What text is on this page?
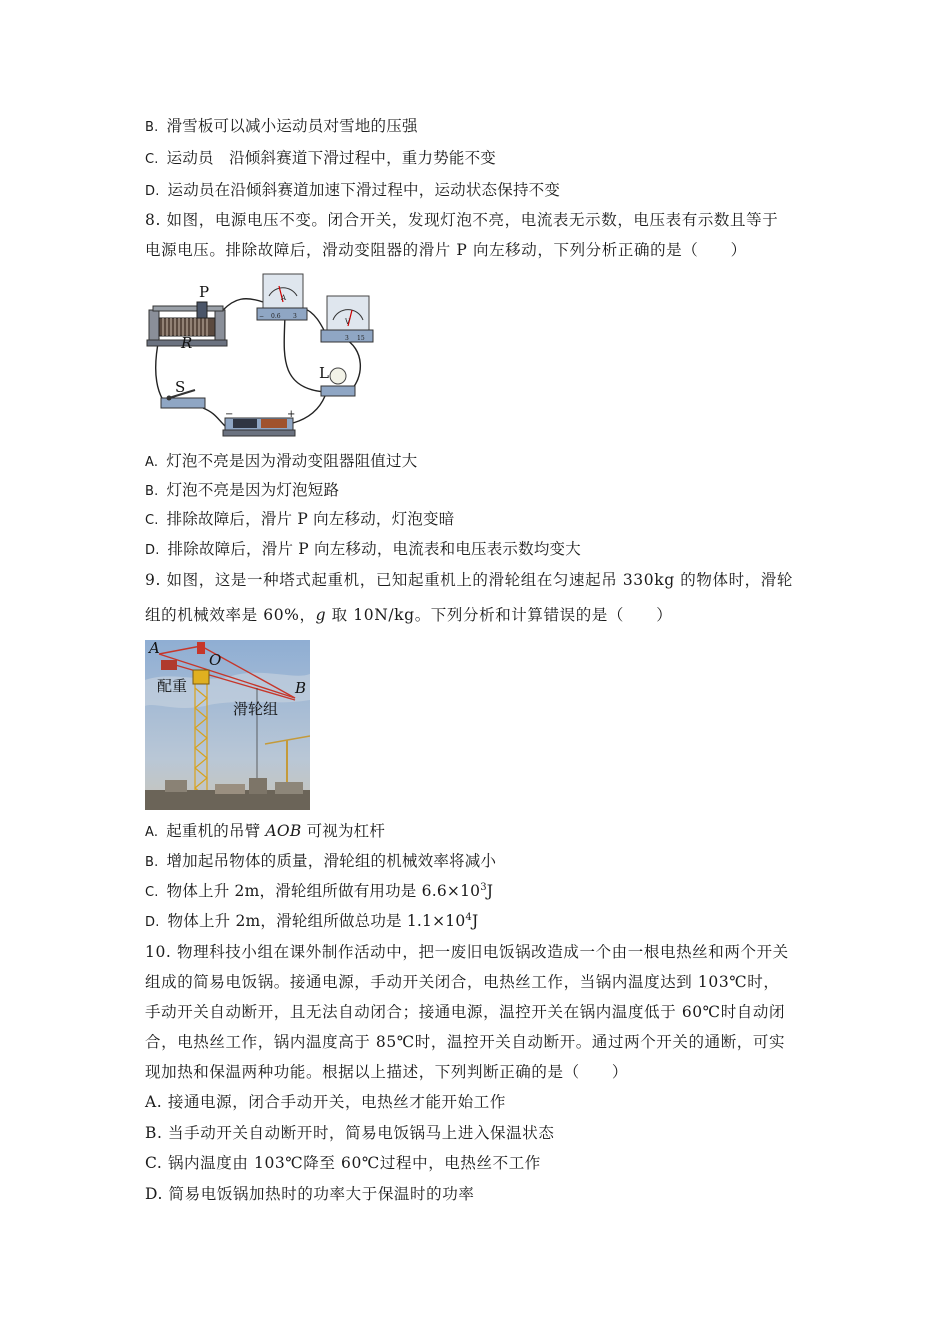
B. 滑雪板可以减小运动员对雪地的压强
C. 运动员   沿倾斜赛道下滑过程中，重力势能不变
D. 运动员在沿倾斜赛道加速下滑过程中，运动状态保持不变
8. 如图，电源电压不变。闭合开关，发现灯泡不亮，电流表无示数，电压表有示数且等于
电源电压。排除故障后，滑动变阻器的滑片 P 向左移动，下列分析正确的是（　　）
A
− 0.6 3
V
3 15
P
R
S
L
−	+
A. 灯泡不亮是因为滑动变阻器阻值过大
B. 灯泡不亮是因为灯泡短路
C. 排除故障后，滑片 P 向左移动，灯泡变暗
D. 排除故障后，滑片 P 向左移动，电流表和电压表示数均变大
9. 如图，这是一种塔式起重机，已知起重机上的滑轮组在匀速起吊 330kg 的物体时，滑轮
组的机械效率是 60%，g 取 10N/kg。下列分析和计算错误的是（　　）
A
O
B
配重
滑轮组
A. 起重机的吊臂 AOB 可视为杠杆
B. 增加起吊物体的质量，滑轮组的机械效率将减小
C. 物体上升 2m，滑轮组所做有用功是 $6.6\times 10^3J$
D. 物体上升 2m，滑轮组所做总功是 $1.1\times 10^4J$
10. 物理科技小组在课外制作活动中，把一废旧电饭锅改造成一个由一根电热丝和两个开关
组成的简易电饭锅。接通电源，手动开关闭合，电热丝工作，当锅内温度达到 103℃时，
手动开关自动断开，且无法自动闭合；接通电源，温控开关在锅内温度低于 60℃时自动闭
合，电热丝工作，锅内温度高于 85℃时，温控开关自动断开。通过两个开关的通断，可实
现加热和保温两种功能。根据以上描述，下列判断正确的是（　　）
A. 接通电源，闭合手动开关，电热丝才能开始工作
B. 当手动开关自动断开时，简易电饭锅马上进入保温状态
C. 锅内温度由 103℃降至 60℃过程中，电热丝不工作
D. 简易电饭锅加热时的功率大于保温时的功率
